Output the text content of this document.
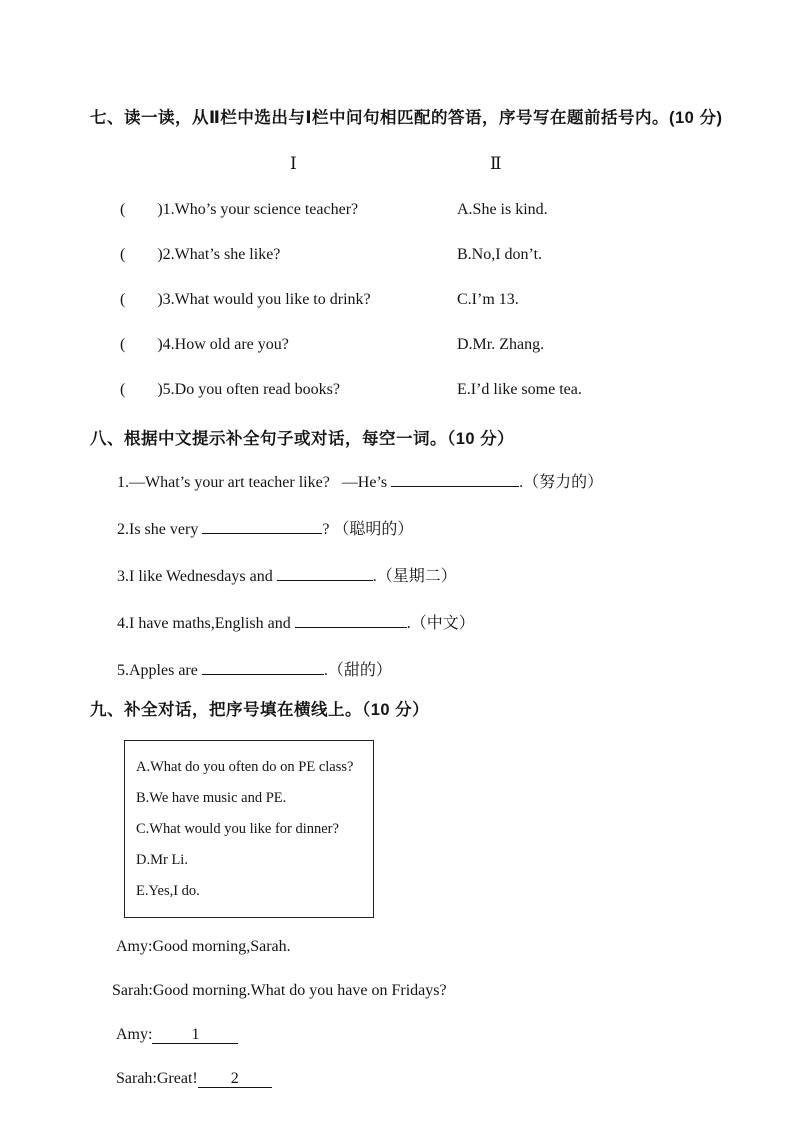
七、读一读，从Ⅱ栏中选出与Ⅰ栏中问句相匹配的答语，序号写在题前括号内。(10 分)
Ⅰ	Ⅱ
( )1.Who’s your science teacher?	A.She is kind.
( )2.What’s she like?	B.No,I don’t.
( )3.What would you like to drink?	C.I’m 13.
( )4.How old are you?	D.Mr. Zhang.
( )5.Do you often read books?	E.I’d like some tea.
八、根据中文提示补全句子或对话，每空一词。（10 分）
1.—What’s your art teacher like?   —He’s	.（努力的）
2.Is she very	? （聪明的）
3.I like Wednesdays and	.（星期二）
4.I have maths,English and	.（中文）
5.Apples are	.（甜的）
九、补全对话，把序号填在横线上。（10 分）
A.What do you often do on PE class?
B.We have music and PE.
C.What would you like for dinner?
D.Mr Li.
E.Yes,I do.
Amy:Good morning,Sarah.
Sarah:Good morning.What do you have on Fridays?
Amy: 1
Sarah:Great! 2
